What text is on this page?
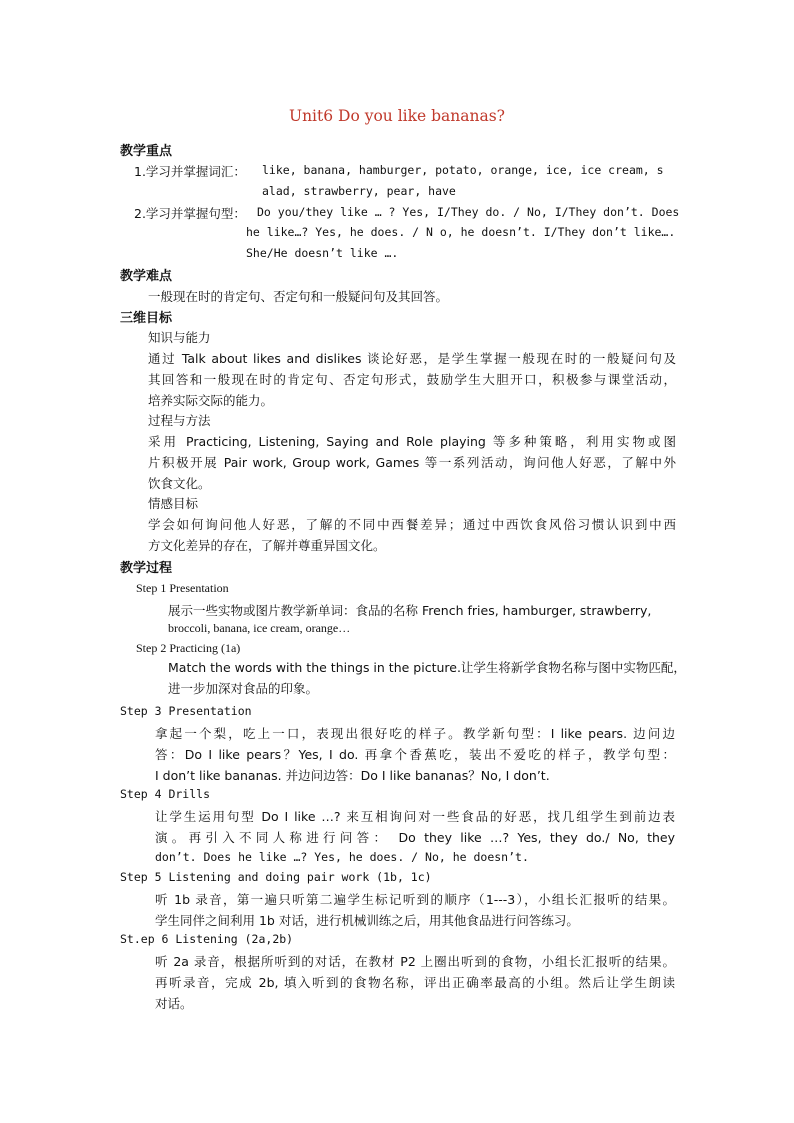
Unit6 Do you like bananas?
教学重点
1.学习并掌握词汇： like, banana, hamburger, potato, orange, ice, ice cream, s
alad, strawberry, pear, have
2.学习并掌握句型： Do you/they like … ? Yes, I/They do. / No, I/They don’t. Does
he like…? Yes, he does. / N o, he doesn’t. I/They don’t like….
She/He doesn’t like ….
教学难点
一般现在时的肯定句、否定句和一般疑问句及其回答。
三维目标
知识与能力
通过 Talk about likes and dislikes 谈论好恶，是学生掌握一般现在时的一般疑问句及
其回答和一般现在时的肯定句、否定句形式，鼓励学生大胆开口，积极参与课堂活动，
培养实际交际的能力。
过程与方法
采用 Practicing, Listening, Saying and Role playing 等多种策略，利用实物或图
片积极开展 Pair work, Group work, Games 等一系列活动，询问他人好恶，了解中外
饮食文化。
情感目标
学会如何询问他人好恶，了解的不同中西餐差异；通过中西饮食风俗习惯认识到中西
方文化差异的存在，了解并尊重异国文化。
教学过程
Step 1 Presentation
展示一些实物或图片教学新单词：食品的名称 French fries, hamburger, strawberry,
broccoli, banana, ice cream, orange…
Step 2 Practicing (1a)
Match the words with the things in the picture.让学生将新学食物名称与图中实物匹配，
进一步加深对食品的印象。
Step 3 Presentation
拿起一个梨，吃上一口，表现出很好吃的样子。教学新句型：I like pears. 边问边
答：Do I like pears？Yes, I do. 再拿个香蕉吃，装出不爱吃的样子，教学句型：
I don’t like bananas. 并边问边答：Do I like bananas？No, I don’t.
Step 4 Drills
让学生运用句型 Do I like …? 来互相询问对一些食品的好恶，找几组学生到前边表
演。再引入不同人称进行问答： Do they like …? Yes, they do./ No, they
don’t. Does he like …? Yes, he does. / No, he doesn’t.
Step 5 Listening and doing pair work (1b, 1c)
听 1b 录音，第一遍只听第二遍学生标记听到的顺序（1---3），小组长汇报听的结果。
学生同伴之间利用 1b 对话，进行机械训练之后，用其他食品进行问答练习。
St.ep 6 Listening (2a,2b)
听 2a 录音，根据所听到的对话，在教材 P2 上圈出听到的食物，小组长汇报听的结果。
再听录音，完成 2b, 填入听到的食物名称，评出正确率最高的小组。然后让学生朗读
对话。
